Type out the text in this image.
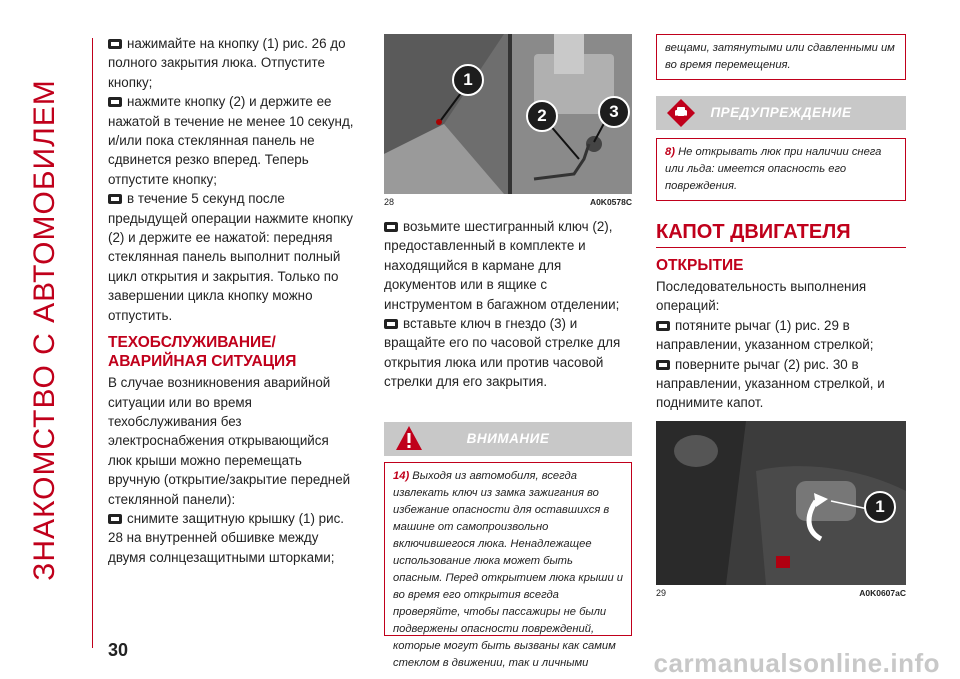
ЗНАКОМСТВО С АВТОМОБИЛЕМ

нажимайте на кнопку (1) рис. 26 до полного закрытия люка. Отпустите кнопку;

нажмите кнопку (2) и держите ее нажатой в течение не менее 10 секунд, и/или пока стеклянная панель не сдвинется резко вперед. Теперь отпустите кнопку;

в течение 5 секунд после предыдущей операции нажмите кнопку (2) и держите ее нажатой: передняя стеклянная панель выполнит полный цикл открытия и закрытия. Только по завершении цикла кнопку можно отпустить.

ТЕХОБСЛУЖИВАНИЕ/
АВАРИЙНАЯ СИТУАЦИЯ

В случае возникновения аварийной ситуации или во время техобслуживания без электроснабжения открывающийся люк крыши можно перемещать вручную (открытие/закрытие передней стеклянной панели):

снимите защитную крышку (1) рис. 28 на внутренней обшивке между двумя солнцезащитными шторками;

1
2	3
28	A0K0578C

возьмите шестигранный ключ (2), предоставленный в комплекте и находящийся в кармане для документов или в ящике с инструментом в багажном отделении;

вставьте ключ в гнездо (3) и вращайте его по часовой стрелке для открытия люка или против часовой стрелки для его закрытия.

ВНИМАНИЕ
14) Выходя из автомобиля, всегда извлекать ключ из замка зажигания во избежание опасности для оставшихся в машине от самопроизвольно включившегося люка. Ненадлежащее использование люка может быть опасным. Перед открытием люка крыши и во время его открытия всегда проверяйте, чтобы пассажиры не были подвержены опасности повреждений, которые могут быть вызваны как самим стеклом в движении, так и личными
вещами, затянутыми или сдавленными им во время перемещения.
ПРЕДУПРЕЖДЕНИЕ
8) Не открывать люк при наличии снега или льда: имеется опасность его повреждения.
КАПОТ ДВИГАТЕЛЯ
ОТКРЫТИЕ

Последовательность выполнения операций:

потяните рычаг (1) рис. 29 в направлении, указанном стрелкой;

поверните рычаг (2) рис. 30 в направлении, указанном стрелкой, и поднимите капот.

1
29	A0K0607aC
30	carmanualsonline.info
